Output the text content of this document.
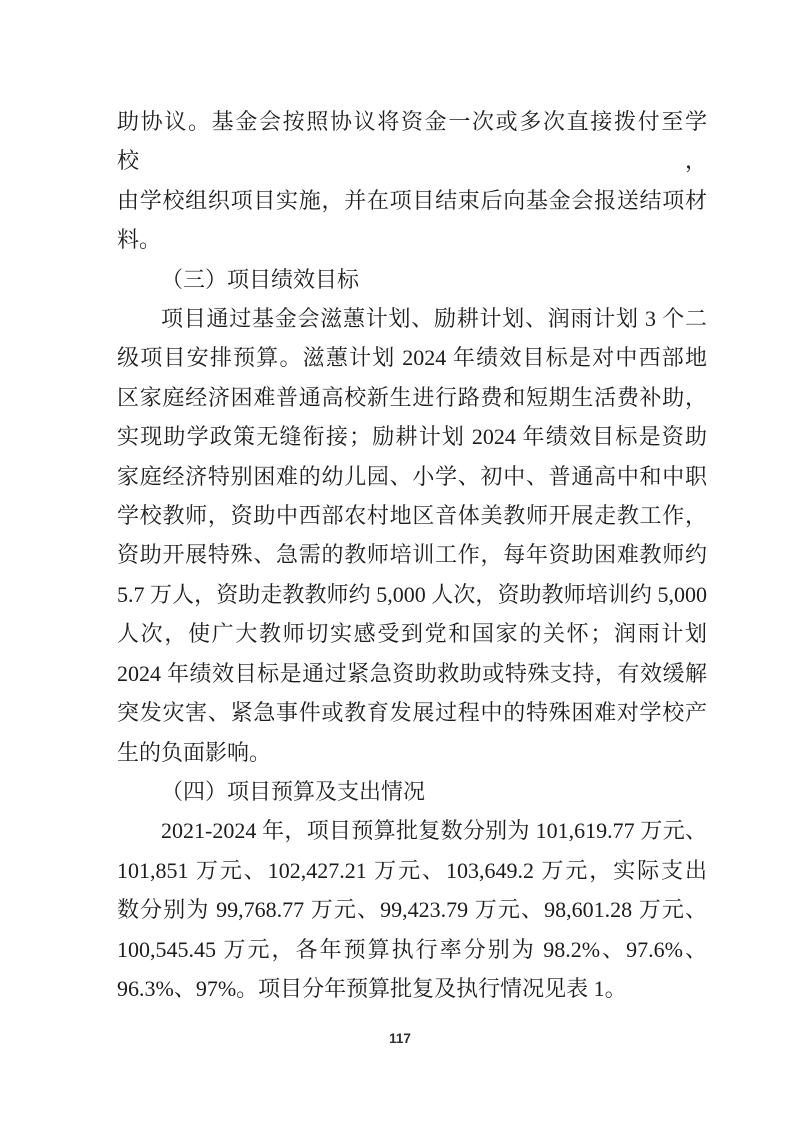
助协议。基金会按照协议将资金一次或多次直接拨付至学校，
由学校组织项目实施，并在项目结束后向基金会报送结项材
料。
（三）项目绩效目标
项目通过基金会滋蕙计划、励耕计划、润雨计划 3 个二
级项目安排预算。滋蕙计划 2024 年绩效目标是对中西部地
区家庭经济困难普通高校新生进行路费和短期生活费补助，
实现助学政策无缝衔接；励耕计划 2024 年绩效目标是资助
家庭经济特别困难的幼儿园、小学、初中、普通高中和中职
学校教师，资助中西部农村地区音体美教师开展走教工作，
资助开展特殊、急需的教师培训工作，每年资助困难教师约
5.7 万人，资助走教教师约 5,000 人次，资助教师培训约 5,000
人次，使广大教师切实感受到党和国家的关怀；润雨计划
2024 年绩效目标是通过紧急资助救助或特殊支持，有效缓解
突发灾害、紧急事件或教育发展过程中的特殊困难对学校产
生的负面影响。
（四）项目预算及支出情况
2021-2024 年，项目预算批复数分别为 101,619.77 万元、
101,851 万元、102,427.21 万元、103,649.2 万元，实际支出
数分别为 99,768.77 万元、99,423.79 万元、98,601.28 万元、
100,545.45 万元，各年预算执行率分别为 98.2%、97.6%、
96.3%、97%。项目分年预算批复及执行情况见表 1。
117
